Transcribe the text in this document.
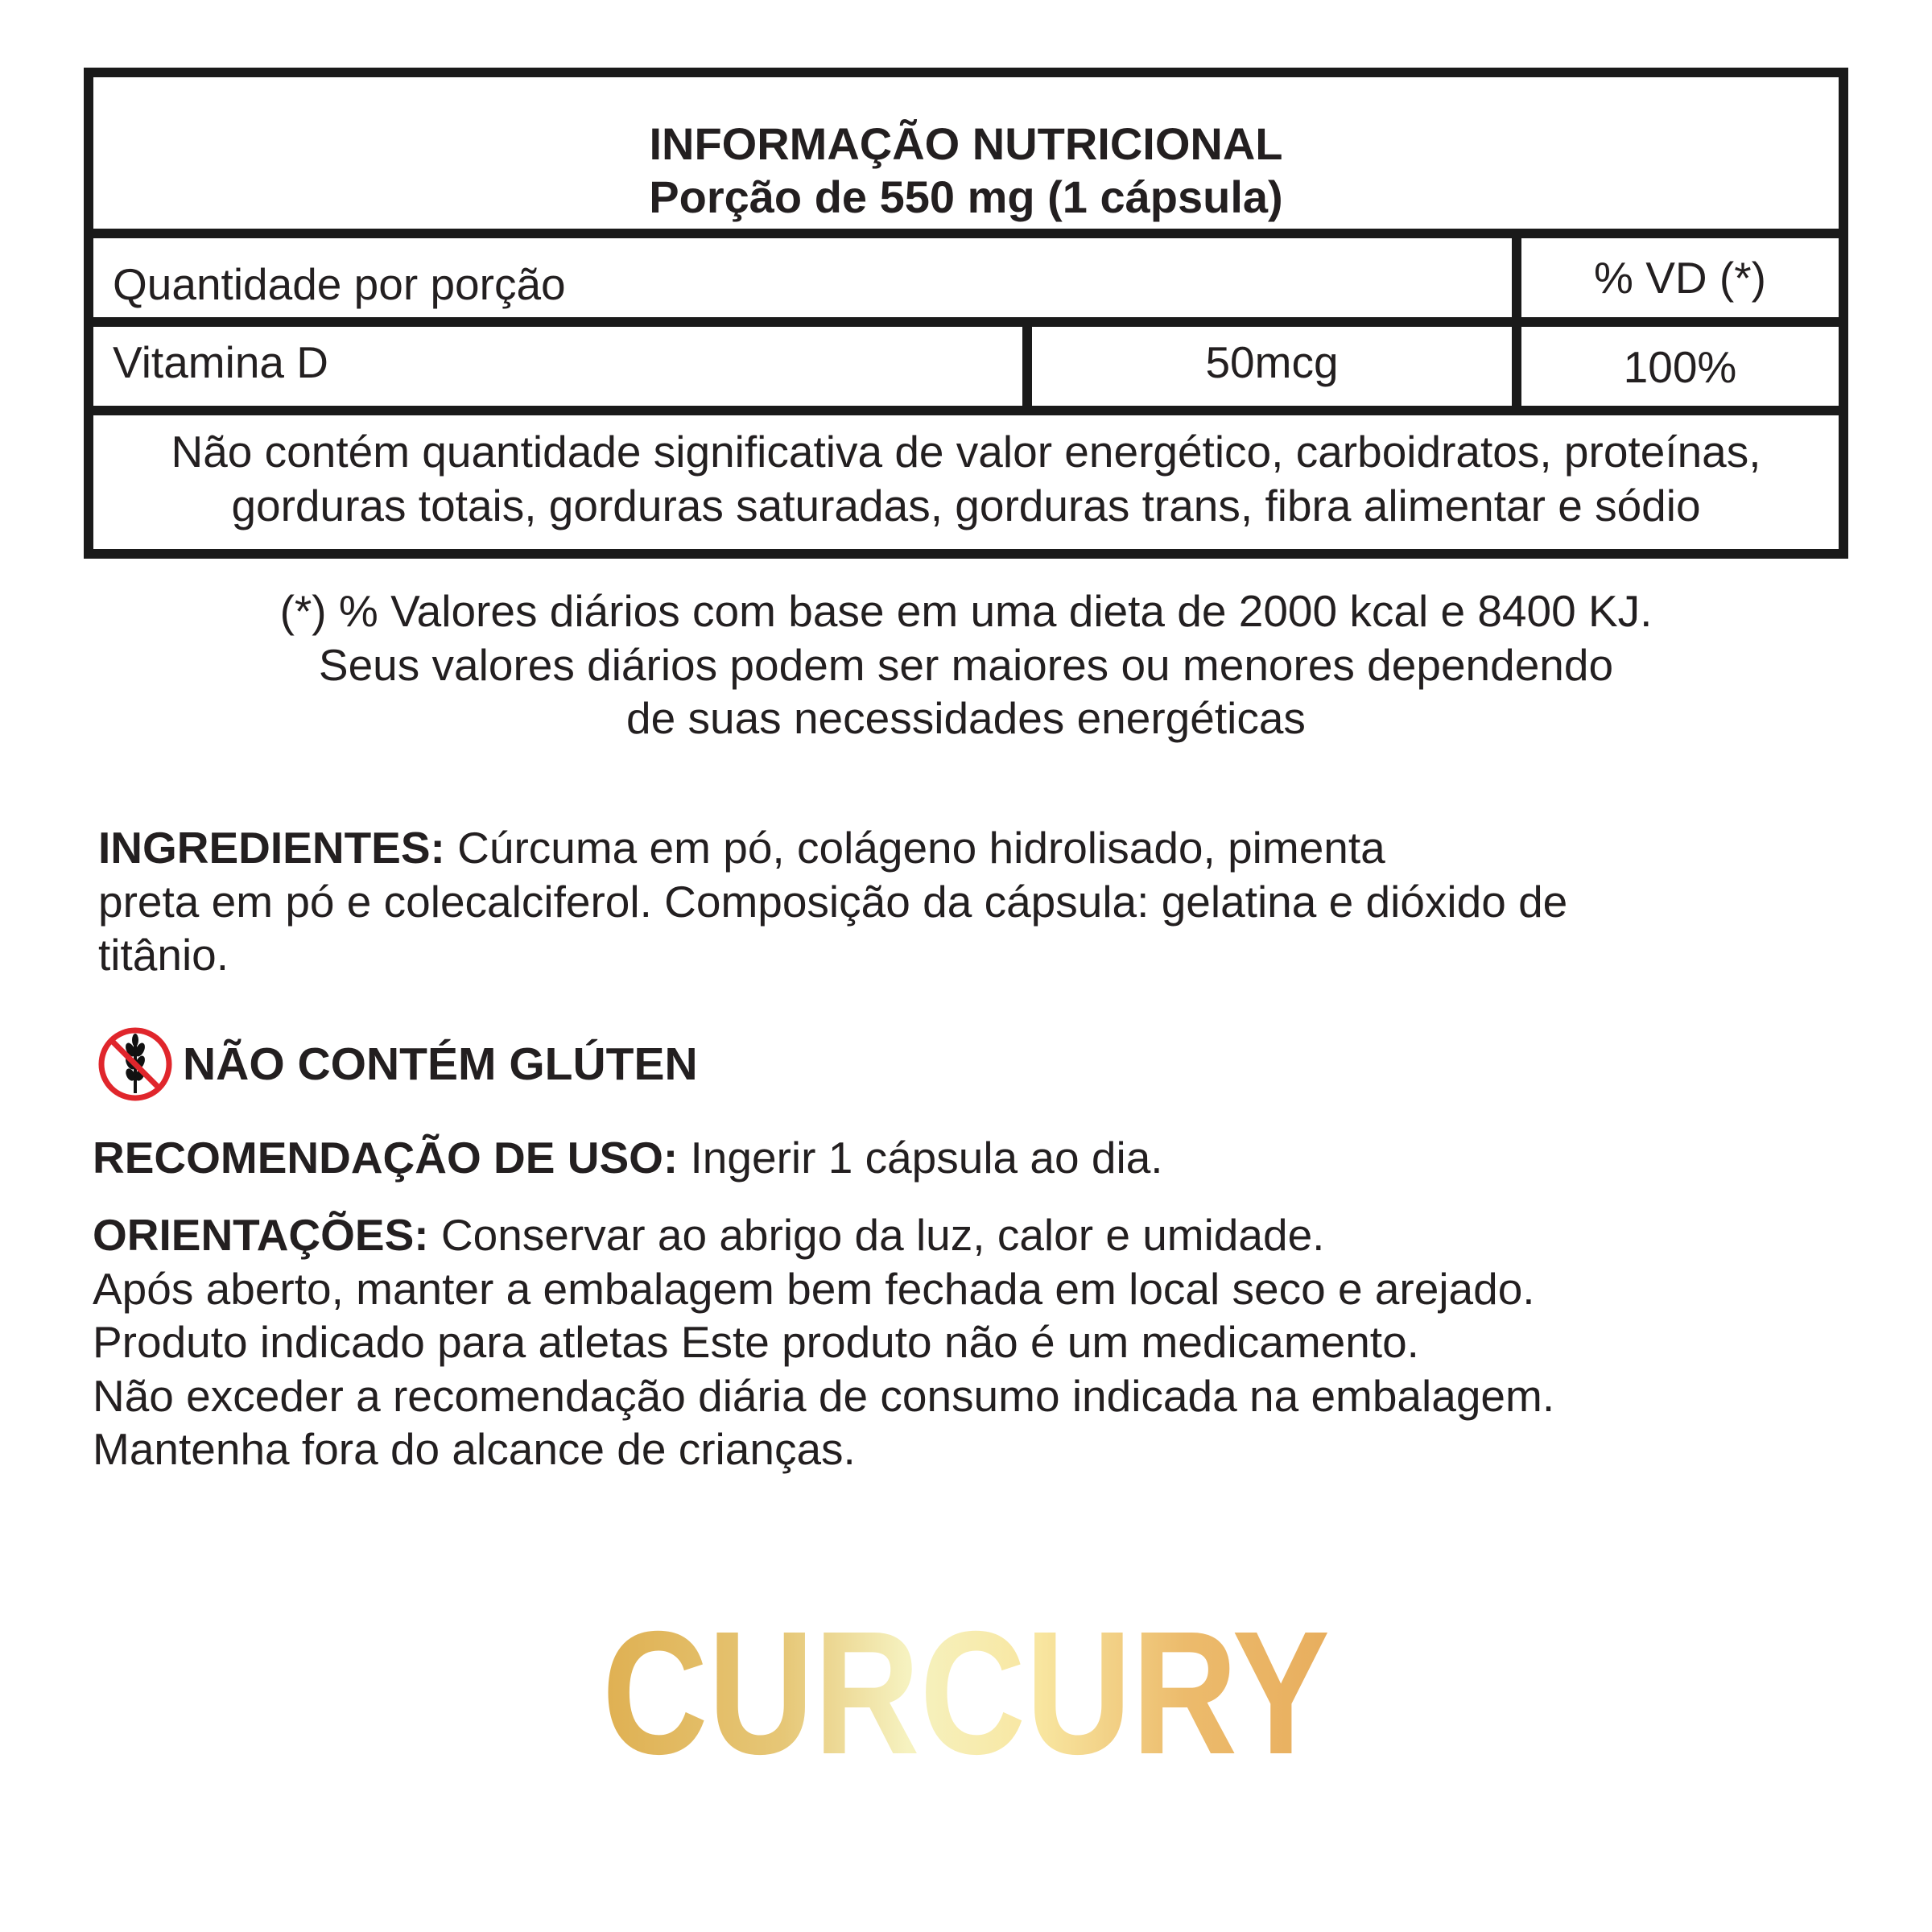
INFORMAÇÃO NUTRICIONAL
Porção de 550 mg (1 cápsula)
Quantidade por porção	% VD (*)
Vitamina D	50mcg	100%
Não contém quantidade significativa de valor energético, carboidratos, proteínas,
gorduras totais, gorduras saturadas, gorduras trans, fibra alimentar e sódio
(*) % Valores diários com base em uma dieta de 2000 kcal e 8400 KJ.
Seus valores diários podem ser maiores ou menores dependendo
de suas necessidades energéticas
INGREDIENTES: Cúrcuma em pó, colágeno hidrolisado, pimenta
preta em pó e colecalciferol. Composição da cápsula: gelatina e dióxido de
titânio.
NÃO CONTÉM GLÚTEN
RECOMENDAÇÃO DE USO: Ingerir 1 cápsula ao dia.
ORIENTAÇÕES: Conservar ao abrigo da luz, calor e umidade.
Após aberto, manter a embalagem bem fechada em local seco e arejado.
Produto indicado para atletas Este produto não é um medicamento.
Não exceder a recomendação diária de consumo indicada na embalagem.
Mantenha fora do alcance de crianças.
CURCURY
